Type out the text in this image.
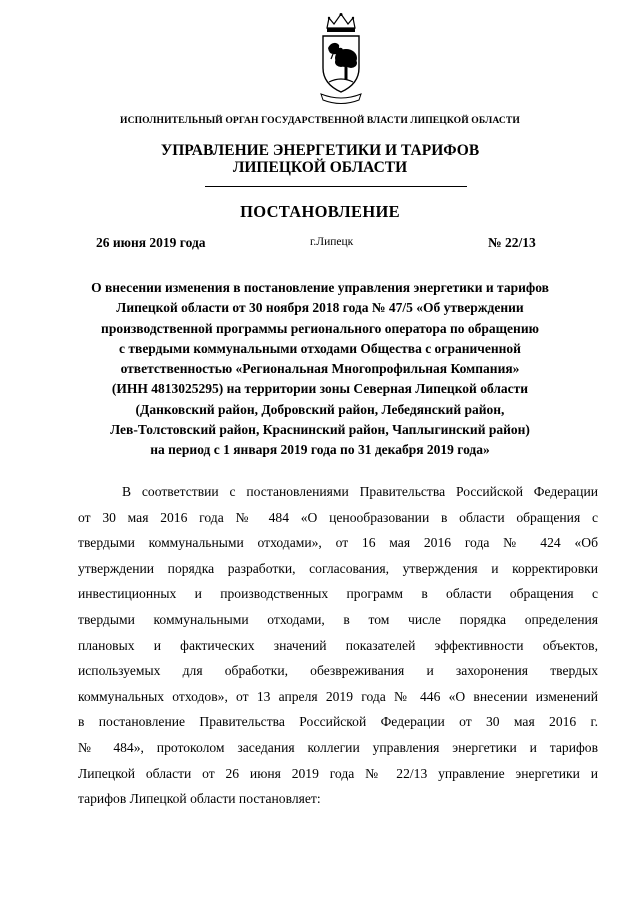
ИСПОЛНИТЕЛЬНЫЙ ОРГАН ГОСУДАРСТВЕННОЙ ВЛАСТИ ЛИПЕЦКОЙ ОБЛАСТИ
УПРАВЛЕНИЕ ЭНЕРГЕТИКИ И ТАРИФОВ
ЛИПЕЦКОЙ ОБЛАСТИ
ПОСТАНОВЛЕНИЕ
26 июня 2019 года	г.Липецк	№ 22/13
О внесении изменения в постановление управления энергетики и тарифов
Липецкой области от 30 ноября 2018 года № 47/5 «Об утверждении
производственной программы регионального оператора по обращению
с твердыми коммунальными отходами Общества с ограниченной
ответственностью «Региональная Многопрофильная Компания»
(ИНН 4813025295) на территории зоны Северная Липецкой области
(Данковский район, Добровский район, Лебедянский район,
Лев-Толстовский район, Краснинский район, Чаплыгинский район)
на период с 1 января 2019 года по 31 декабря 2019 года»
В соответствии с постановлениями Правительства Российской Федерации
от 30 мая 2016 года № 484 «О ценообразовании в области обращения с
твердыми коммунальными отходами», от 16 мая 2016 года № 424 «Об
утверждении порядка разработки, согласования, утверждения и корректировки
инвестиционных и производственных программ в области обращения с
твердыми коммунальными отходами, в том числе порядка определения
плановых и фактических значений показателей эффективности объектов,
используемых для обработки, обезвреживания и захоронения твердых
коммунальных отходов», от 13 апреля 2019 года № 446 «О внесении изменений
в постановление Правительства Российской Федерации от 30 мая 2016 г.
№ 484», протоколом заседания коллегии управления энергетики и тарифов
Липецкой области от 26 июня 2019 года № 22/13 управление энергетики и
тарифов Липецкой области постановляет:
